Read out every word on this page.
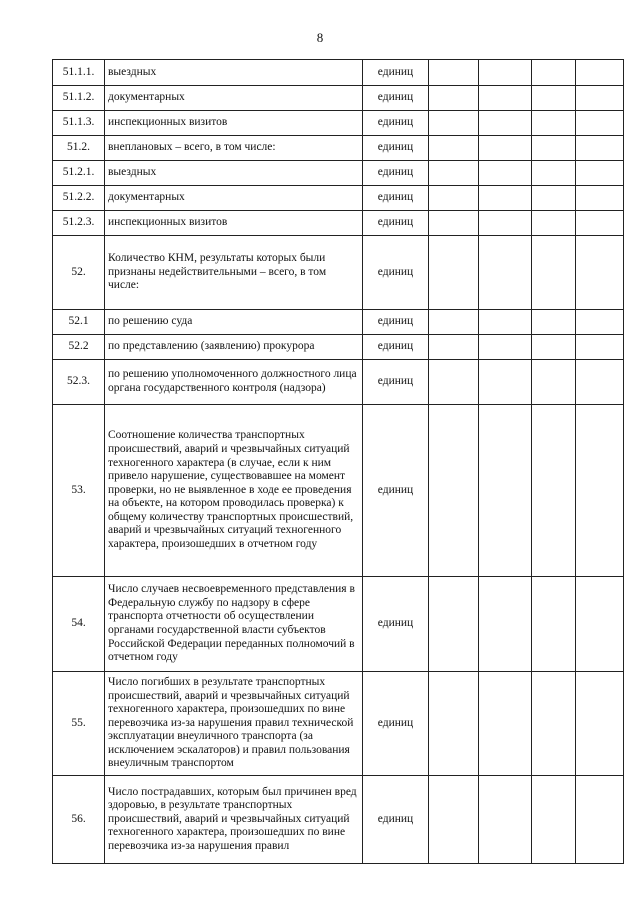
8
51.1.1.	выездных	единиц				
51.1.2.	документарных	единиц				
51.1.3.	инспекционных визитов	единиц				
51.2.	внеплановых – всего, в том числе:	единиц				
51.2.1.	выездных	единиц				
51.2.2.	документарных	единиц				
51.2.3.	инспекционных визитов	единиц				
52.	Количество КНМ, результаты которых были признаны недействительными – всего, в том числе:	единиц				
52.1	по решению суда	единиц				
52.2	по представлению (заявлению) прокурора	единиц				
52.3.	по решению уполномоченного должностного лица органа государственного контроля (надзора)	единиц				
53.	Соотношение количества транспортных происшествий, аварий и чрезвычайных ситуаций техногенного характера (в случае, если к ним привело нарушение, существовавшее на момент проверки, но не выявленное в ходе ее проведения на объекте, на котором проводилась проверка) к общему количеству транспортных происшествий, аварий и чрезвычайных ситуаций техногенного характера, произошедших в отчетном году	единиц				
54.	Число случаев несвоевременного представления в Федеральную службу по надзору в сфере транспорта отчетности об осуществлении органами государственной власти субъектов Российской Федерации переданных полномочий в отчетном году	единиц				
55.	Число погибших в результате транспортных происшествий, аварий и чрезвычайных ситуаций техногенного характера, произошедших по вине перевозчика из-за нарушения правил технической эксплуатации внеуличного транспорта (за исключением эскалаторов) и правил пользования внеуличным транспортом	единиц				
56.	Число пострадавших, которым был причинен вред здоровью, в результате транспортных происшествий, аварий и чрезвычайных ситуаций техногенного характера, произошедших по вине перевозчика из-за нарушения правил	единиц				
